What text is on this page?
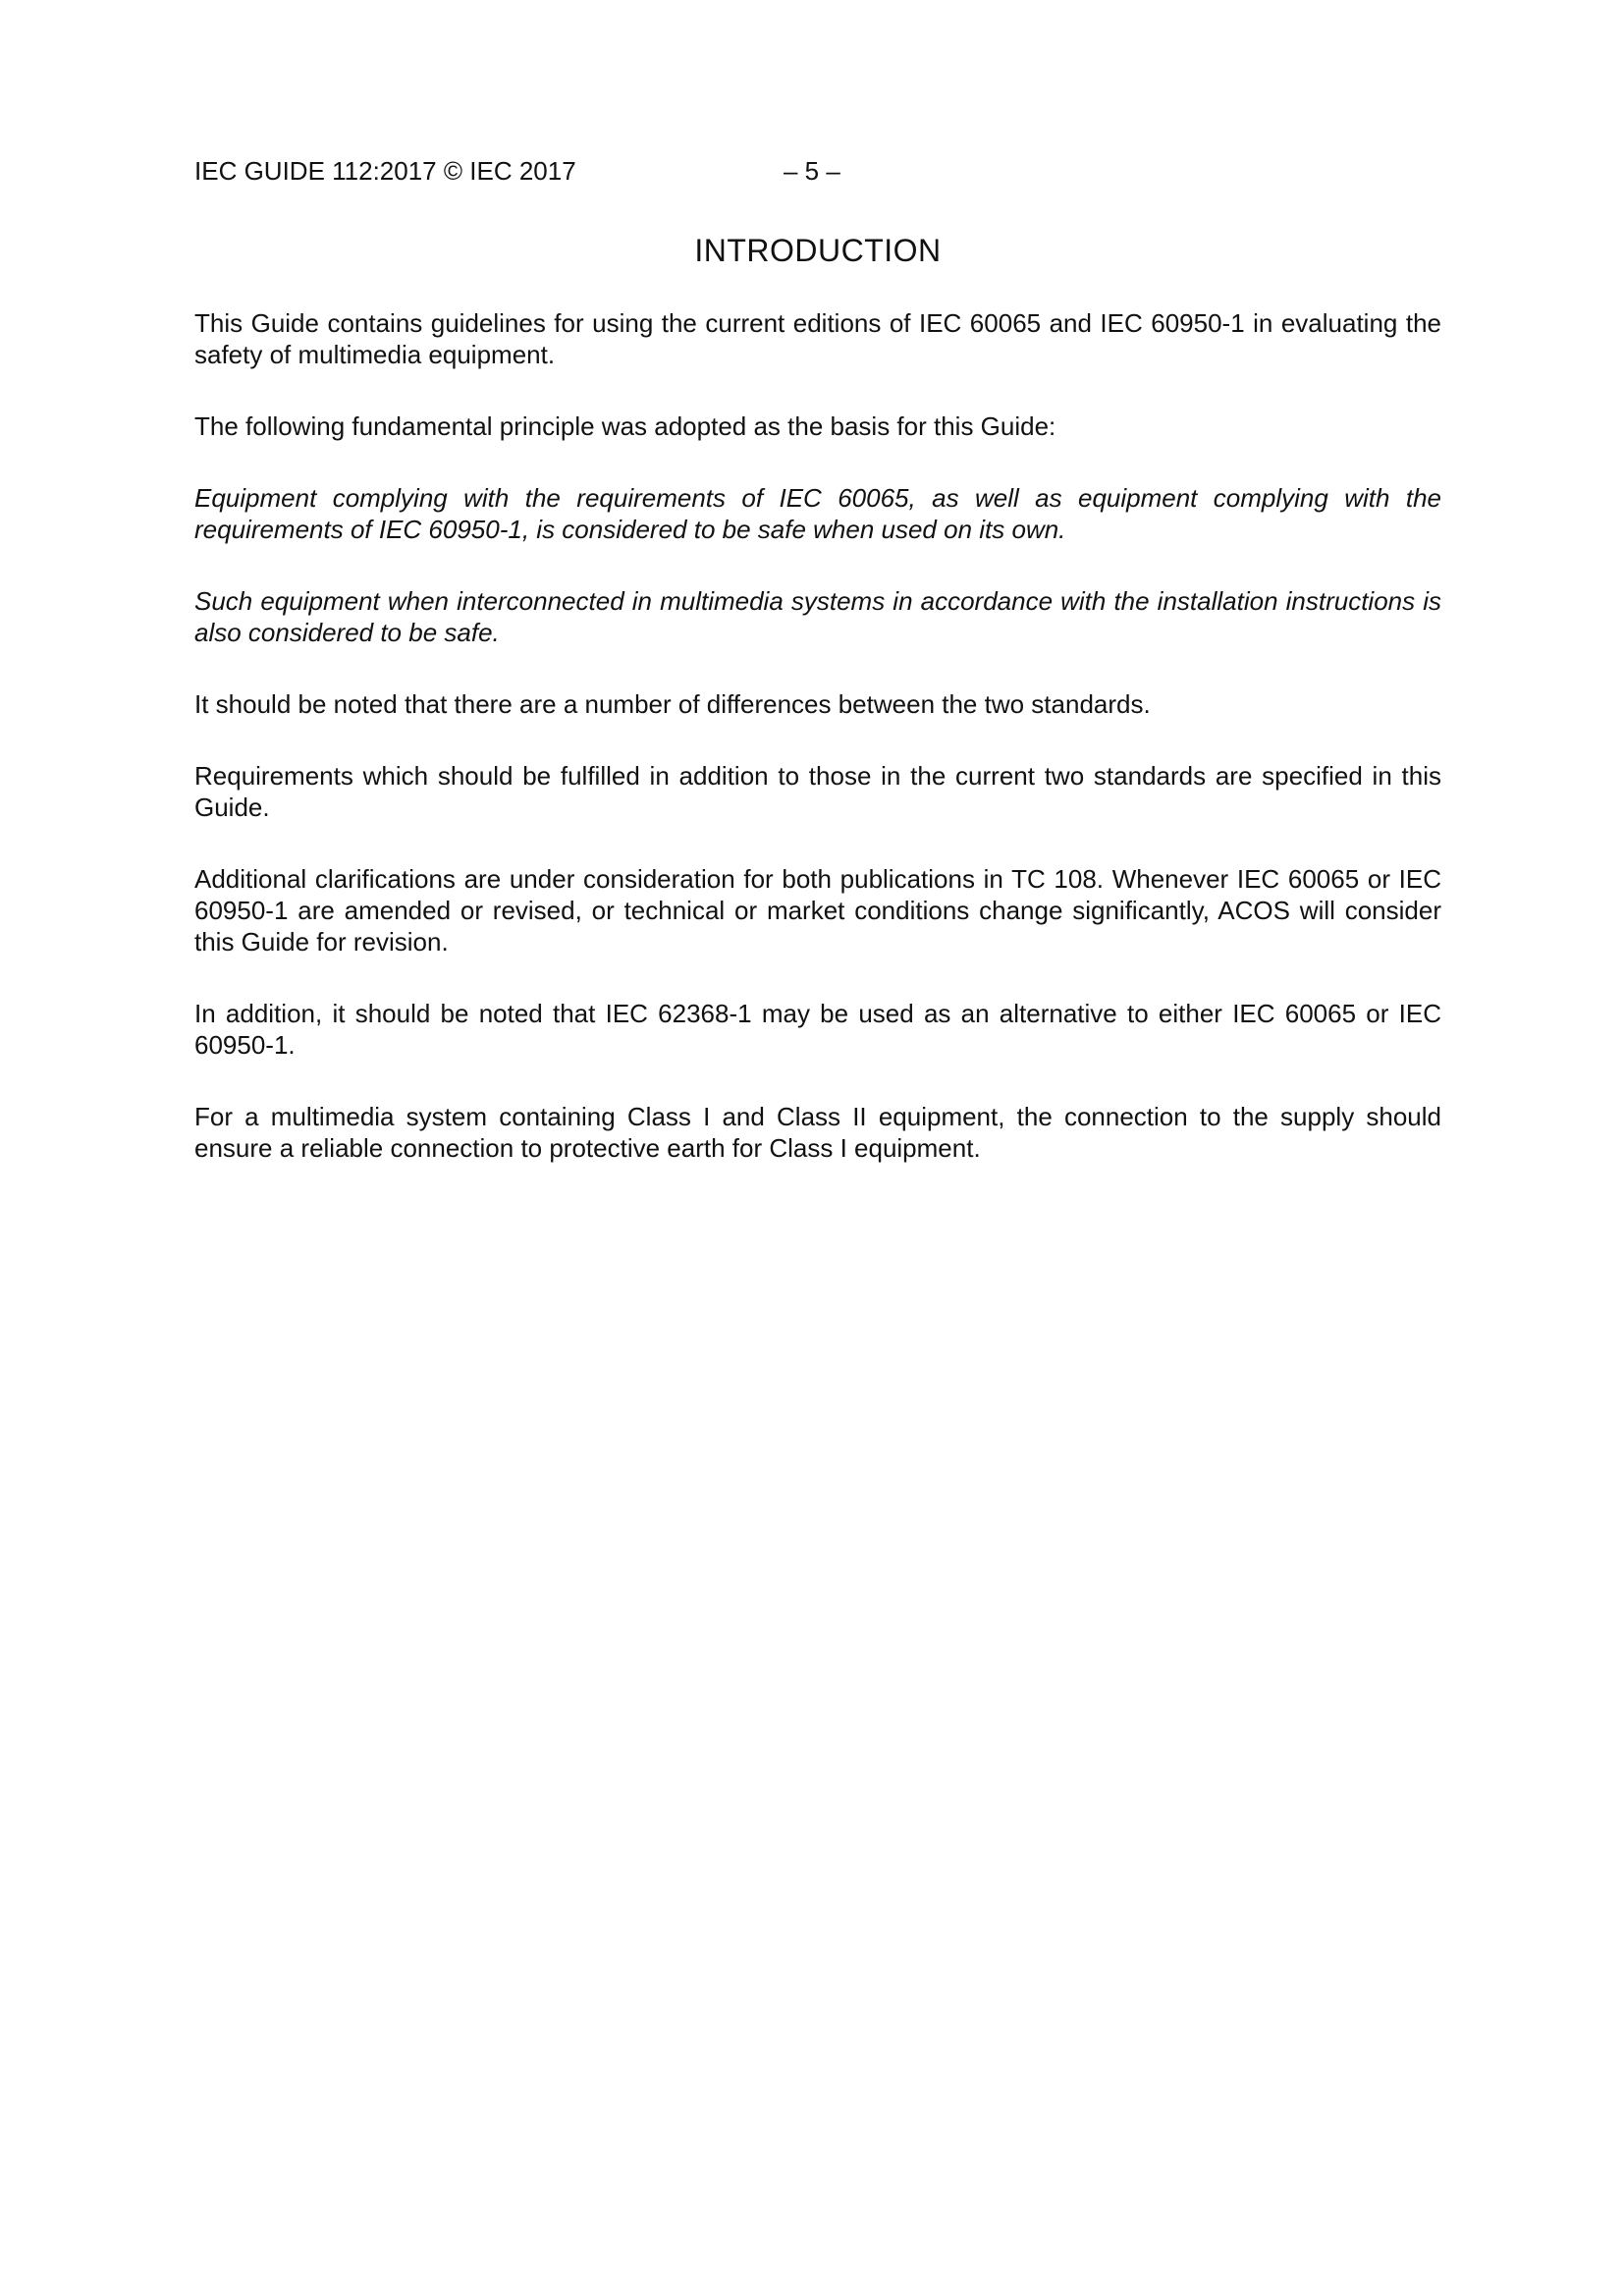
IEC GUIDE 112:2017 © IEC 2017	– 5 –
INTRODUCTION

This Guide contains guidelines for using the current editions of IEC 60065 and IEC 60950-1 in evaluating the safety of multimedia equipment.

The following fundamental principle was adopted as the basis for this Guide:

Equipment complying with the requirements of IEC 60065, as well as equipment complying with the requirements of IEC 60950-1, is considered to be safe when used on its own.

Such equipment when interconnected in multimedia systems in accordance with the installation instructions is also considered to be safe.

It should be noted that there are a number of differences between the two standards.

Requirements which should be fulfilled in addition to those in the current two standards are specified in this Guide.

Additional clarifications are under consideration for both publications in TC 108. Whenever IEC 60065 or IEC 60950-1 are amended or revised, or technical or market conditions change significantly, ACOS will consider this Guide for revision.

In addition, it should be noted that IEC 62368-1 may be used as an alternative to either IEC 60065 or IEC 60950-1.

For a multimedia system containing Class I and Class II equipment, the connection to the supply should ensure a reliable connection to protective earth for Class I equipment.
